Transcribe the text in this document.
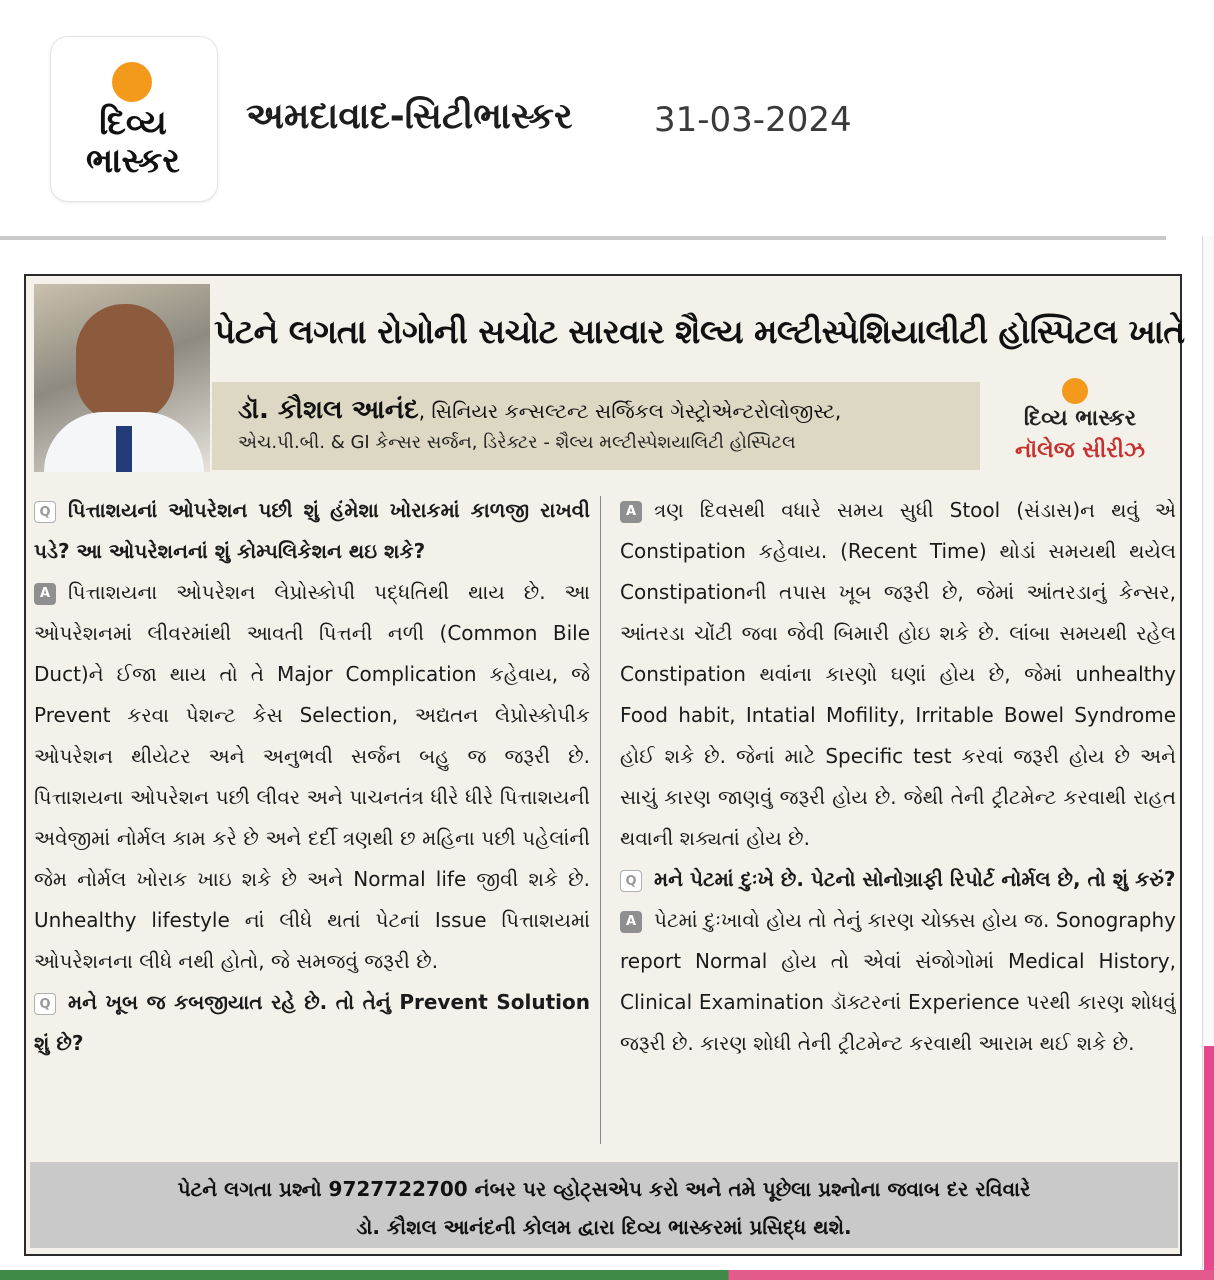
દિવ્ય
ભાસ્કર
અમદાવાદ-સિટીભાસ્કર 31-03-2024
પેટને લગતા રોગોની સચોટ સારવાર શૈલ્ય મલ્ટીસ્પેશિયાલીટી હોસ્પિટલ ખાતે
ડૉ. કૌશલ આનંદ, સિનિયર કન્સલ્ટન્ટ સર્જિકલ ગેસ્ટ્રોએન્ટરોલોજીસ્ટ,
એચ.પી.બી. & GI કેન્સર સર્જન, ડિરેક્ટર - શૈલ્ય મલ્ટીસ્પેશયાલિટી હોસ્પિટલ
દિવ્ય ભાસ્કર
નૉલેજ સીરીઝ

Q પિત્તાશયનાં ઓપરેશન પછી શું હંમેશા ખોરાકમાં કાળજી રાખવી પડે? આ ઓપરેશનનાં શું કોમ્પલિકેશન થઇ શકે?

A પિત્તાશયના ઓપરેશન લેપ્રોસ્કોપી પદ્ધતિથી થાય છે. આ ઓપરેશનમાં લીવરમાંથી આવતી પિત્તની નળી (Common Bile Duct)ને ઈજા થાય તો તે Major Complication કહેવાય, જે Prevent કરવા પેશન્ટ કેસ Selection, અદ્યતન લેપ્રોસ્કોપીક ઓપરેશન થીયેટર અને અનુભવી સર્જન બહુ જ જરૂરી છે. પિત્તાશયના ઓપરેશન પછી લીવર અને પાચનતંત્ર ધીરે ધીરે પિત્તાશયની અવેજીમાં નોર્મલ કામ કરે છે અને દર્દી ત્રણથી છ મહિના પછી પહેલાંની જેમ નોર્મલ ખોરાક ખાઇ શકે છે અને Normal life જીવી શકે છે. Unhealthy lifestyle નાં લીધે થતાં પેટનાં Issue પિત્તાશયમાં ઓપરેશનના લીધે નથી હોતો, જે સમજવું જરૂરી છે.

Q મને ખૂબ જ કબજીયાત રહે છે. તો તેનું Prevent Solution શું છે?

A ત્રણ દિવસથી વધારે સમય સુધી Stool (સંડાસ)ન થવું એ Constipation કહેવાય. (Recent Time) થોડાં સમયથી થયેલ Constipationની તપાસ ખૂબ જરૂરી છે, જેમાં આંતરડાનું કેન્સર, આંતરડા ચોંટી જવા જેવી બિમારી હોઇ શકે છે. લાંબા સમયથી રહેલ Constipation થવાંના કારણો ઘણાં હોય છે, જેમાં unhealthy Food habit, Intatial Mofility, Irritable Bowel Syndrome હોઈ શકે છે. જેનાં માટે Specific test કરવાં જરૂરી હોય છે અને સાચું કારણ જાણવું જરૂરી હોય છે. જેથી તેની ટ્રીટમેન્ટ કરવાથી રાહત થવાની શક્યતાં હોય છે.

Q મને પેટમાં દુઃખે છે. પેટનો સોનોગ્રાફી રિપોર્ટ નોર્મલ છે, તો શું કરું?

A પેટમાં દુઃખાવો હોય તો તેનું કારણ ચોક્કસ હોય જ. Sonography report Normal હોય તો એવાં સંજોગોમાં Medical History, Clinical Examination ડૉક્ટરનાં Experience પરથી કારણ શોધવું જરૂરી છે. કારણ શોધી તેની ટ્રીટમેન્ટ કરવાથી આરામ થઈ શકે છે.

પેટને લગતા પ્રશ્નો 9727722700 નંબર પર વ્હોટ્સએપ કરો અને તમે પૂછેલા પ્રશ્નોના જવાબ દર રવિવારે

ડો. કૌશલ આનંદની કોલમ દ્વારા દિવ્ય ભાસ્કરમાં પ્રસિદ્ધ થશે.
